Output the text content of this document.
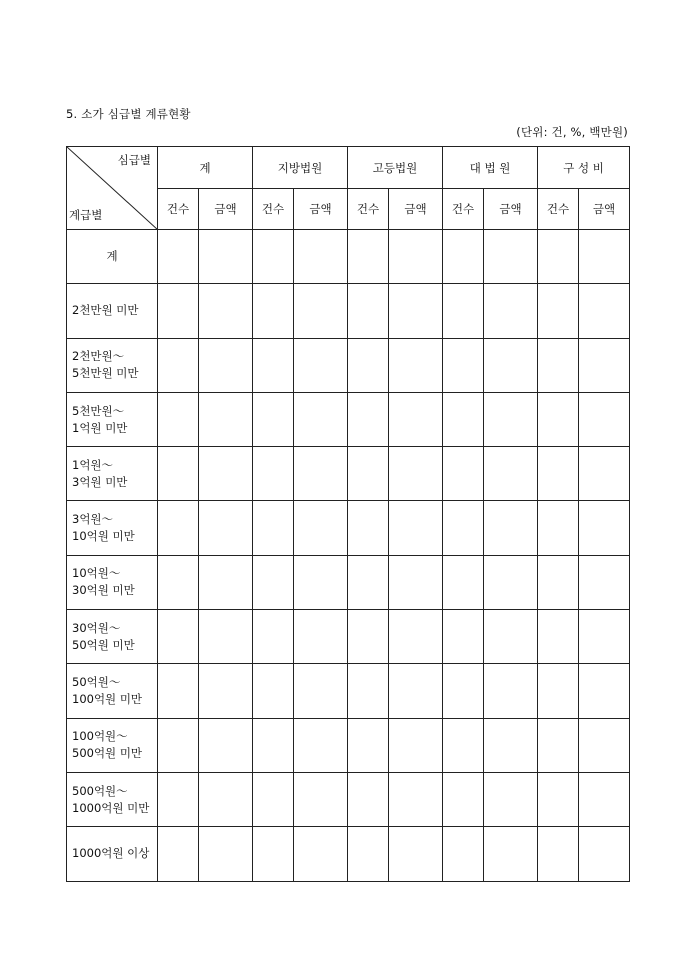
5. 소가 심급별 계류현황
(단위: 건, %, 백만원)
심급별
계급별	계		지방법원		고등법원		대 법 원		구 성 비	
	건수	금액	건수	금액	건수	금액	건수	금액	건수	금액

계										

2천만원 미만										

2천만원～
5천만원 미만										

5천만원～
1억원 미만										

1억원～
3억원 미만										

3억원～
10억원 미만										

10억원～
30억원 미만										

30억원～
50억원 미만										

50억원～
100억원 미만										

100억원～
500억원 미만										

500억원～
1000억원 미만										

1000억원 이상										
